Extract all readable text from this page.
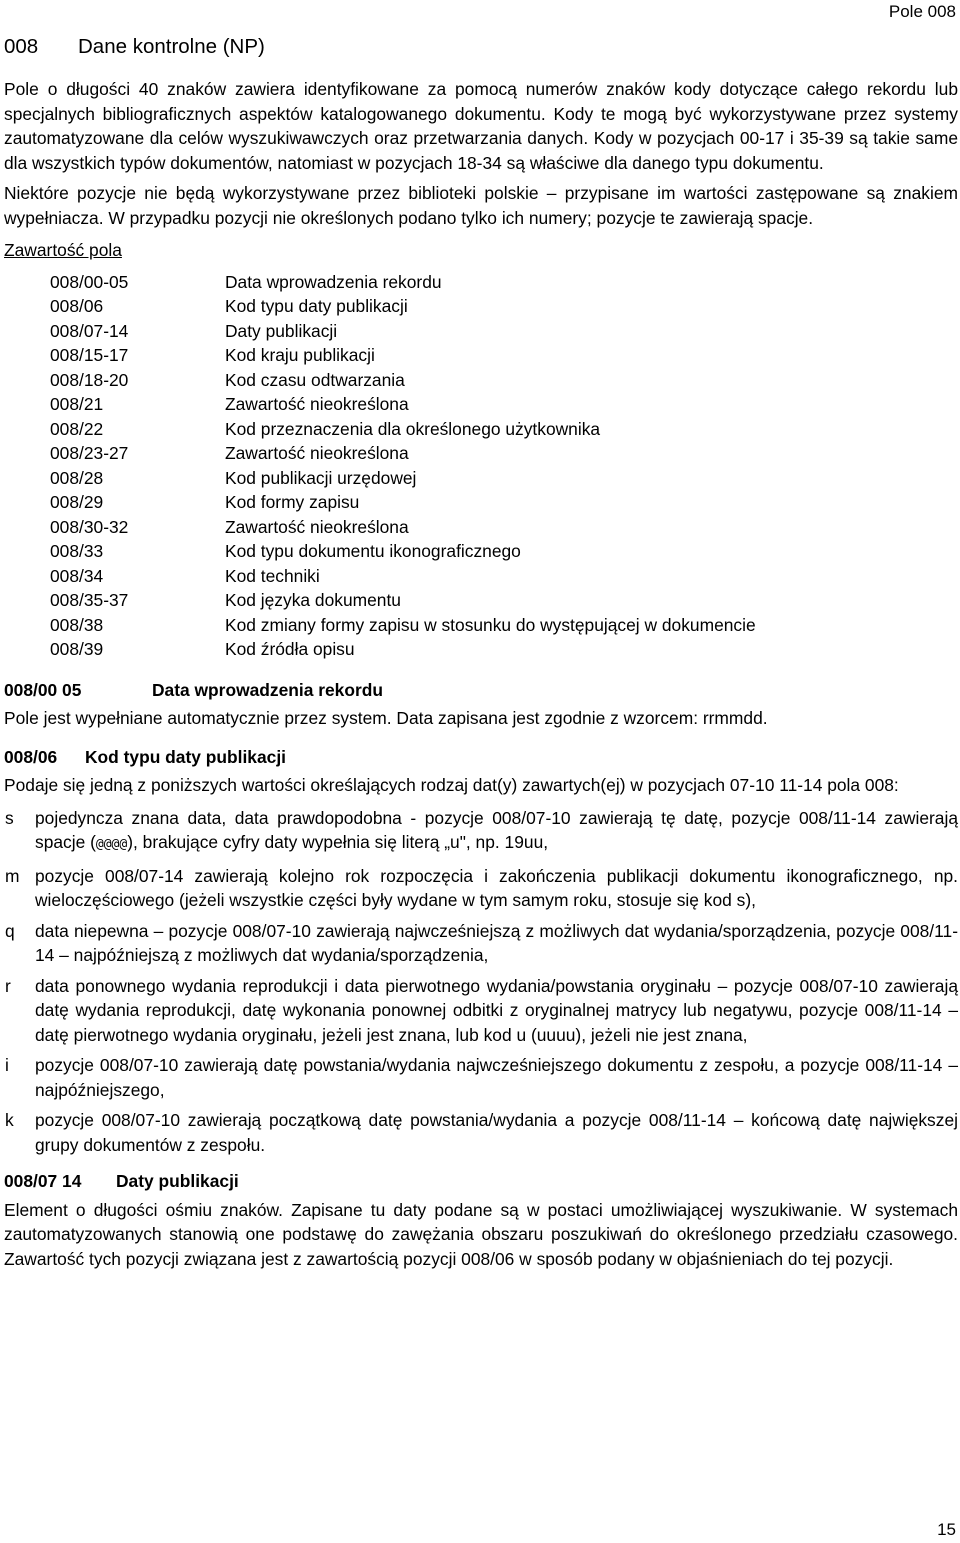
Pole 008
008 Dane kontrolne (NP)

Pole o długości 40 znaków zawiera identyfikowane za pomocą numerów znaków kody dotyczące całego rekordu lub specjalnych bibliograficznych aspektów katalogowanego dokumentu. Kody te mogą być wykorzystywane przez systemy zautomatyzowane dla celów wyszukiwawczych oraz przetwarzania danych. Kody w pozycjach 00-17 i 35-39 są takie same dla wszystkich typów dokumentów, natomiast w pozycjach 18-34 są właściwe dla danego typu dokumentu.

Niektóre pozycje nie będą wykorzystywane przez biblioteki polskie – przypisane im wartości zastępowane są znakiem wypełniacza. W przypadku pozycji nie określonych podano tylko ich numery; pozycje te zawierają spacje.

Zawartość pola

008/00-05	Data wprowadzenia rekordu
008/06	Kod typu daty publikacji
008/07-14	Daty publikacji
008/15-17	Kod kraju publikacji
008/18-20	Kod czasu odtwarzania
008/21	Zawartość nieokreślona
008/22	Kod przeznaczenia dla określonego użytkownika
008/23-27	Zawartość nieokreślona
008/28	Kod publikacji urzędowej
008/29	Kod formy zapisu
008/30-32	Zawartość nieokreślona
008/33	Kod typu dokumentu ikonograficznego
008/34	Kod techniki
008/35-37	Kod języka dokumentu
008/38	Kod zmiany formy zapisu w stosunku do występującej w dokumencie
008/39	Kod źródła opisu

008/00 05	Data wprowadzenia rekordu

Pole jest wypełniane automatycznie przez system. Data zapisana jest zgodnie z wzorcem: rrmmdd.

008/06 Kod typu daty publikacji

Podaje się jedną z poniższych wartości określających rodzaj dat(y) zawartych(ej) w pozycjach 07-10 11-14 pola 008:

s	pojedyncza znana data, data prawdopodobna - pozycje 008/07-10 zawierają tę datę, pozycje 008/11-14 zawierają spacje (@@@@), brakujące cyfry daty wypełnia się literą „u", np. 19uu,
m pozycje 008/07-14 zawierają kolejno rok rozpoczęcia i zakończenia publikacji dokumentu ikonograficznego, np. wieloczęściowego (jeżeli wszystkie części były wydane w tym samym roku, stosuje się kod s),
q	data niepewna – pozycje 008/07-10 zawierają najwcześniejszą z możliwych dat wydania/sporządzenia, pozycje 008/11-14 – najpóźniejszą z możliwych dat wydania/sporządzenia,
r	data ponownego wydania reprodukcji i data pierwotnego wydania/powstania oryginału – pozycje 008/07-10 zawierają datę wydania reprodukcji, datę wykonania ponownej odbitki z oryginalnej matrycy lub negatywu, pozycje 008/11-14 – datę pierwotnego wydania oryginału, jeżeli jest znana, lub kod u (uuuu), jeżeli nie jest znana,
i	pozycje 008/07-10 zawierają datę powstania/wydania najwcześniejszego dokumentu z zespołu, a pozycje 008/11-14 – najpóźniejszego,
k	pozycje 008/07-10 zawierają początkową datę powstania/wydania a pozycje 008/11-14 – końcową datę największej grupy dokumentów z zespołu.

008/07 14 Daty publikacji

Element o długości ośmiu znaków. Zapisane tu daty podane są w postaci umożliwiającej wyszukiwanie. W systemach zautomatyzowanych stanowią one podstawę do zawężania obszaru poszukiwań do określonego przedziału czasowego. Zawartość tych pozycji związana jest z zawartością pozycji 008/06 w sposób podany w objaśnieniach do tej pozycji.

15
